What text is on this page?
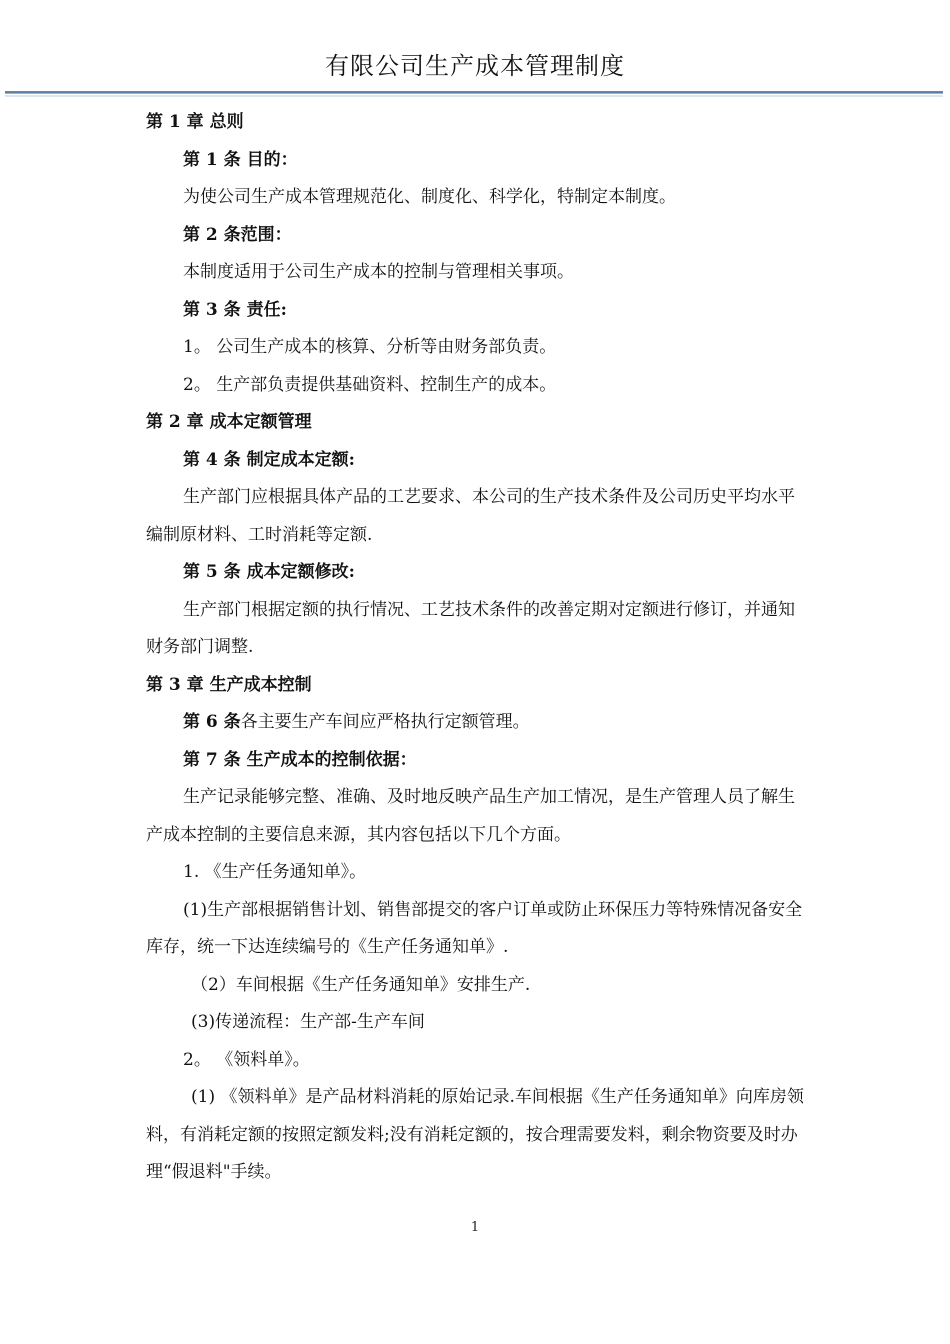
有限公司生产成本管理制度
第 1 章 总则
第 1 条 目的：
为使公司生产成本管理规范化、制度化、科学化，特制定本制度。
第 2 条范围：
本制度适用于公司生产成本的控制与管理相关事项。
第 3 条 责任:
1。 公司生产成本的核算、分析等由财务部负责。
2。 生产部负责提供基础资料、控制生产的成本。
第 2 章 成本定额管理
第 4 条 制定成本定额:
生产部门应根据具体产品的工艺要求、本公司的生产技术条件及公司历史平均水平编制原材料、工时消耗等定额.
第 5 条 成本定额修改:
生产部门根据定额的执行情况、工艺技术条件的改善定期对定额进行修订，并通知财务部门调整.
第 3 章 生产成本控制
第 6 条各主要生产车间应严格执行定额管理。
第 7 条 生产成本的控制依据：
生产记录能够完整、准确、及时地反映产品生产加工情况，是生产管理人员了解生产成本控制的主要信息来源，其内容包括以下几个方面。
1. 《生产任务通知单》。
(1)生产部根据销售计划、销售部提交的客户订单或防止环保压力等特殊情况备安全库存，统一下达连续编号的《生产任务通知单》.
（2）车间根据《生产任务通知单》安排生产.
(3)传递流程：生产部-生产车间
2。 《领料单》。
(1) 《领料单》是产品材料消耗的原始记录.车间根据《生产任务通知单》向库房领料，有消耗定额的按照定额发料;没有消耗定额的，按合理需要发料，剩余物资要及时办理“假退料"手续。
1
